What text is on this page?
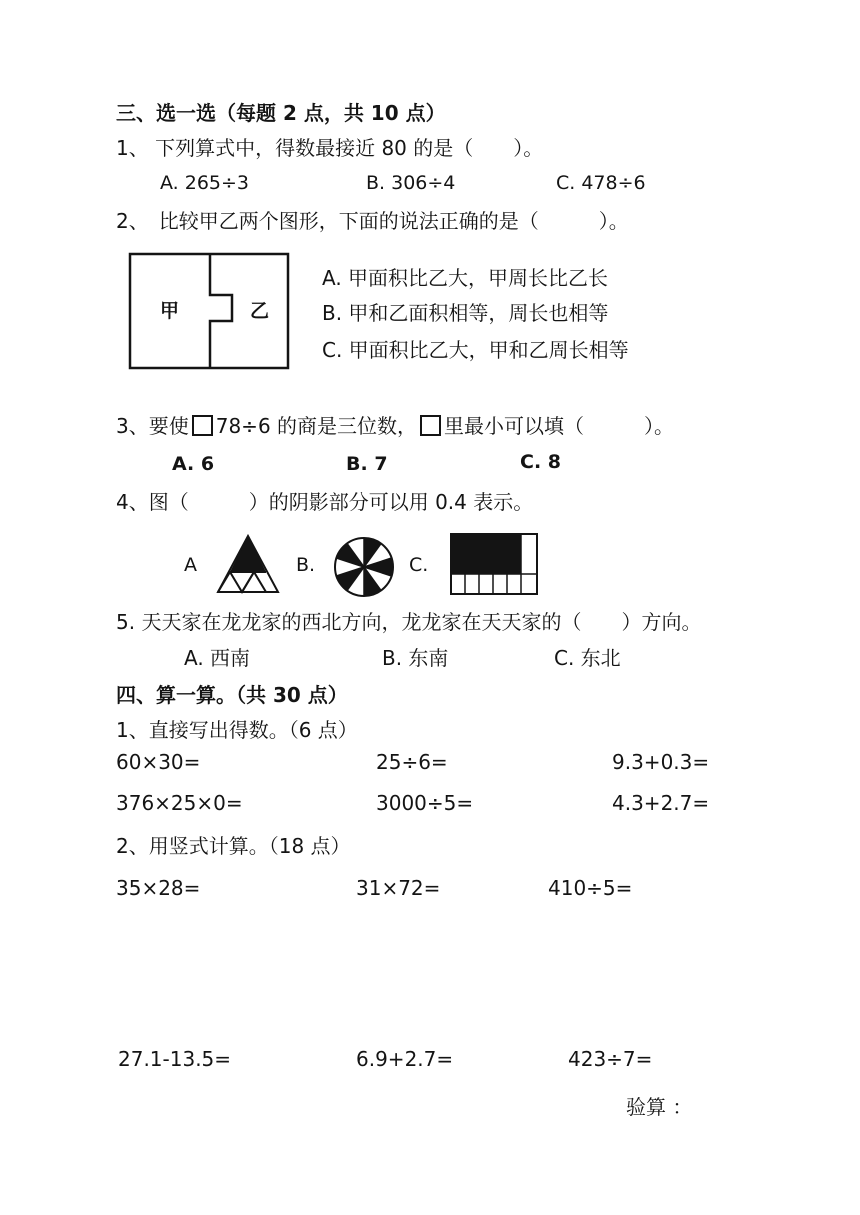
三、选一选（每题 2 点，共 10 点）
1、 下列算式中，得数最接近 80 的是（　　）。
A. 265÷3	B. 306÷4	C. 478÷6
2、　比较甲乙两个图形，下面的说法正确的是（　　　）。
甲	乙
A. 甲面积比乙大，甲周长比乙长
B. 甲和乙面积相等，周长也相等
C. 甲面积比乙大，甲和乙周长相等
3、要使 78÷6 的商是三位数， 里最小可以填（　　　）。
A. 6	B. 7	C. 8
4、图（　　　）的阴影部分可以用 0.4 表示。
A	B.	C.
5. 天天家在龙龙家的西北方向，龙龙家在天天家的（　　）方向。
A. 西南	B. 东南	C. 东北
四、算一算。（共 30 点）
1、直接写出得数。（6 点）
60×30=	25÷6=	9.3+0.3=
376×25×0=	3000÷5=	4.3+2.7=
2、用竖式计算。（18 点）
35×28=	31×72=	410÷5=
27.1-13.5=	6.9+2.7=	423÷7=
验算 ：
